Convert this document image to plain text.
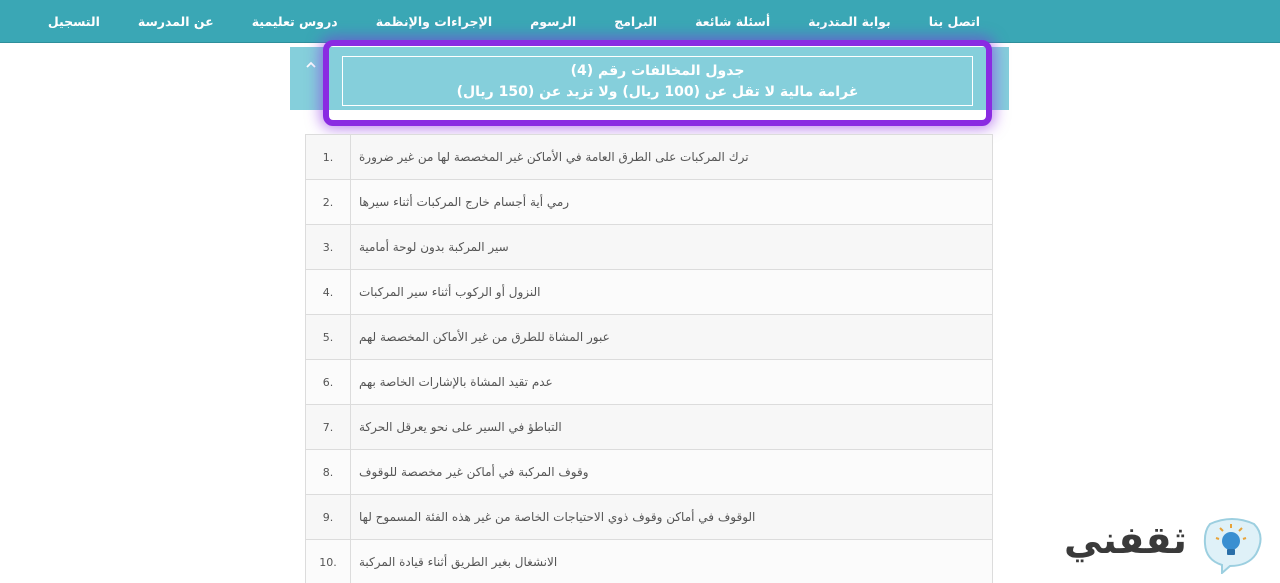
اتصل بنا
بوابة المتدربة
أسئلة شائعة
البرامج
الرسوم
الإجراءات والإنظمة
دروس تعليمية
عن المدرسة
التسجيل
جدول المخالفات رقم (4)
غرامة مالية لا تقل عن (100 ريال) ولا تزيد عن (150 ريال)
1.	ترك المركبات على الطرق العامة في الأماكن غير المخصصة لها من غير ضرورة
2.	رمي أية أجسام خارج المركبات أثناء سيرها
3.	سير المركبة بدون لوحة أمامية
4.	النزول أو الركوب أثناء سير المركبات
5.	عبور المشاة للطرق من غير الأماكن المخصصة لهم
6.	عدم تقيد المشاة بالإشارات الخاصة بهم
7.	التباطؤ في السير على نحو يعرقل الحركة
8.	وقوف المركبة في أماكن غير مخصصة للوقوف
9.	الوقوف في أماكن وقوف ذوي الاحتياجات الخاصة من غير هذه الفئة المسموح لها
10.	الانشغال بغير الطريق أثناء قيادة المركبة	ثقفني
